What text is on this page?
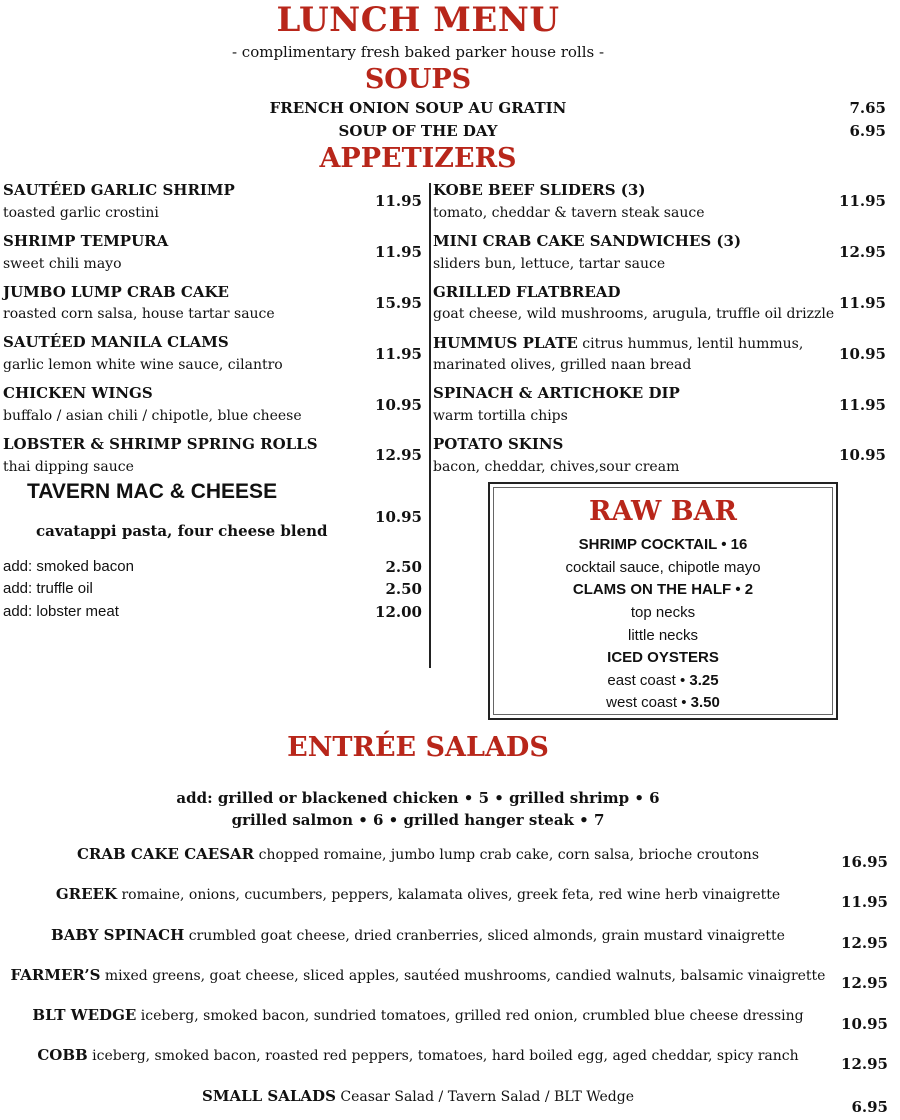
LUNCH MENU
- complimentary fresh baked parker house rolls -
SOUPS
FRENCH ONION SOUP AU GRATIN	7.65
SOUP OF THE DAY	6.95
APPETIZERS
SAUTÉED GARLIC SHRIMP
toasted garlic crostini
11.95
SHRIMP TEMPURA
sweet chili mayo
11.95
JUMBO LUMP CRAB CAKE
roasted corn salsa, house tartar sauce
15.95
SAUTÉED MANILA CLAMS
garlic lemon white wine sauce, cilantro
11.95
CHICKEN WINGS
buffalo / asian chili / chipotle, blue cheese
10.95
LOBSTER & SHRIMP SPRING ROLLS
thai dipping sauce
12.95
KOBE BEEF SLIDERS (3)
tomato, cheddar & tavern steak sauce
11.95
MINI CRAB CAKE SANDWICHES (3)
sliders bun, lettuce, tartar sauce
12.95
GRILLED FLATBREAD
goat cheese, wild mushrooms, arugula, truffle oil drizzle
11.95
HUMMUS PLATE citrus hummus, lentil hummus,
marinated olives, grilled naan bread
10.95
SPINACH & ARTICHOKE DIP
warm tortilla chips
11.95
POTATO SKINS
bacon, cheddar, chives,sour cream
10.95
TAVERN MAC & CHEESE
cavatappi pasta, four cheese blend
10.95
add: smoked bacon	2.50
add: truffle oil	2.50
add: lobster meat	12.00
RAW BAR
SHRIMP COCKTAIL • 16
cocktail sauce, chipotle mayo
CLAMS ON THE HALF • 2
top necks
little necks
ICED OYSTERS
east coast • 3.25
west coast • 3.50
ENTRÉE SALADS
add: grilled or blackened chicken • 5 • grilled shrimp • 6
grilled salmon • 6 • grilled hanger steak • 7
CRAB CAKE CAESAR chopped romaine, jumbo lump crab cake, corn salsa, brioche croutons	16.95
GREEK romaine, onions, cucumbers, peppers, kalamata olives, greek feta, red wine herb vinaigrette	11.95
BABY SPINACH crumbled goat cheese, dried cranberries, sliced almonds, grain mustard vinaigrette	12.95
FARMER’S mixed greens, goat cheese, sliced apples, sautéed mushrooms, candied walnuts, balsamic vinaigrette	12.95
BLT WEDGE iceberg, smoked bacon, sundried tomatoes, grilled red onion, crumbled blue cheese dressing	10.95
COBB iceberg, smoked bacon, roasted red peppers, tomatoes, hard boiled egg, aged cheddar, spicy ranch	12.95
SMALL SALADS Ceasar Salad / Tavern Salad / BLT Wedge
6.95
